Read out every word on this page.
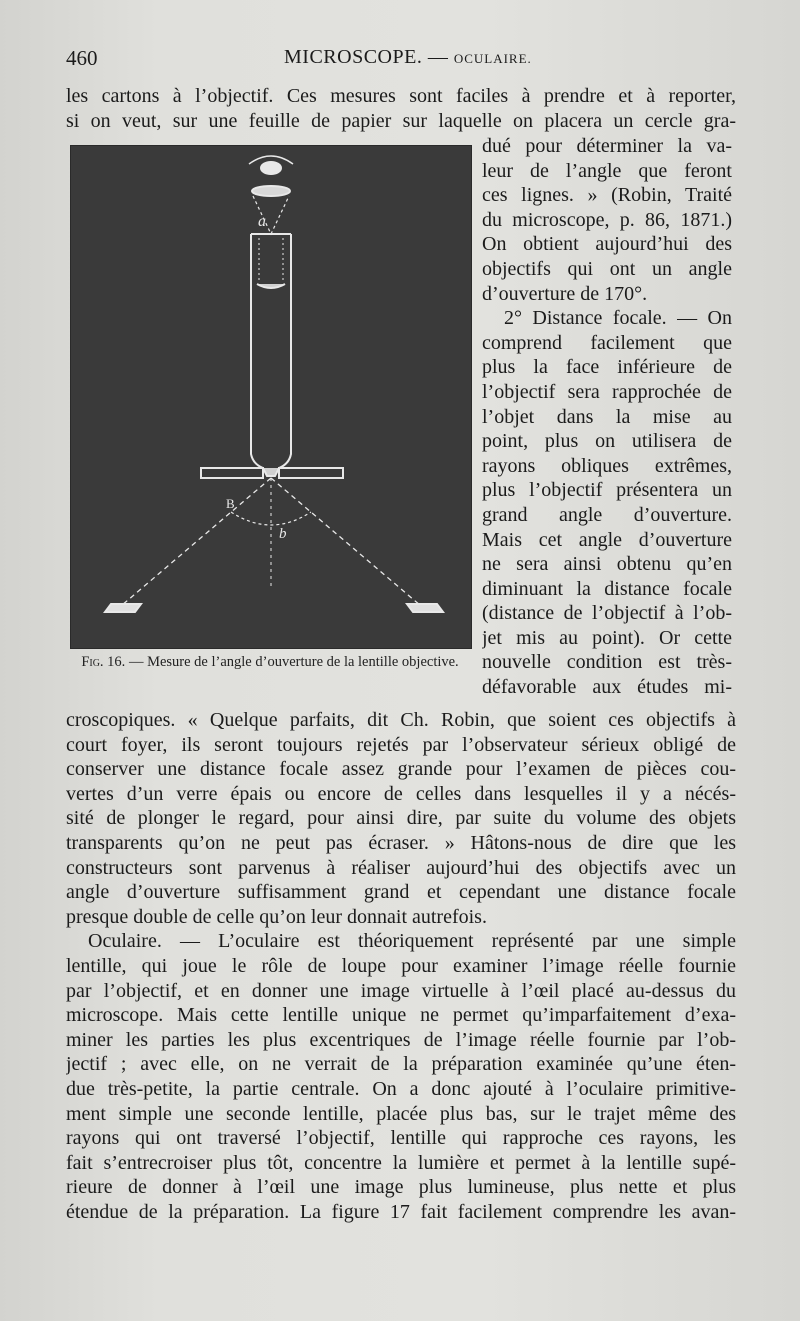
460	MICROSCOPE. — OCULAIRE.
les cartons à l’objectif. Ces mesures sont faciles à prendre et à reporter,
si on veut, sur une feuille de papier sur laquelle on placera un cercle gra-
a
B
b
Fig. 16. — Mesure de l’angle d’ouverture de la lentille objective.
dué pour déterminer la va-
leur de l’angle que feront
ces lignes. » (Robin, Traité
du microscope, p. 86, 1871.)
On obtient aujourd’hui des
objectifs qui ont un angle
d’ouverture de 170°.
2° Distance focale. — On
comprend facilement que
plus la face inférieure de
l’objectif sera rapprochée de
l’objet dans la mise au
point, plus on utilisera de
rayons obliques extrêmes,
plus l’objectif présentera un
grand angle d’ouverture.
Mais cet angle d’ouverture
ne sera ainsi obtenu qu’en
diminuant la distance focale
(distance de l’objectif à l’ob-
jet mis au point). Or cette
nouvelle condition est très-
défavorable aux études mi-
croscopiques. « Quelque parfaits, dit Ch. Robin, que soient ces objectifs à
court foyer, ils seront toujours rejetés par l’observateur sérieux obligé de
conserver une distance focale assez grande pour l’examen de pièces cou-
vertes d’un verre épais ou encore de celles dans lesquelles il y a nécés-
sité de plonger le regard, pour ainsi dire, par suite du volume des objets
transparents qu’on ne peut pas écraser. » Hâtons-nous de dire que les
constructeurs sont parvenus à réaliser aujourd’hui des objectifs avec un
angle d’ouverture suffisamment grand et cependant une distance focale
presque double de celle qu’on leur donnait autrefois.
Oculaire. — L’oculaire est théoriquement représenté par une simple
lentille, qui joue le rôle de loupe pour examiner l’image réelle fournie
par l’objectif, et en donner une image virtuelle à l’œil placé au-dessus du
microscope. Mais cette lentille unique ne permet qu’imparfaitement d’exa-
miner les parties les plus excentriques de l’image réelle fournie par l’ob-
jectif ; avec elle, on ne verrait de la préparation examinée qu’une éten-
due très-petite, la partie centrale. On a donc ajouté à l’oculaire primitive-
ment simple une seconde lentille, placée plus bas, sur le trajet même des
rayons qui ont traversé l’objectif, lentille qui rapproche ces rayons, les
fait s’entrecroiser plus tôt, concentre la lumière et permet à la lentille supé-
rieure de donner à l’œil une image plus lumineuse, plus nette et plus
étendue de la préparation. La figure 17 fait facilement comprendre les avan-
